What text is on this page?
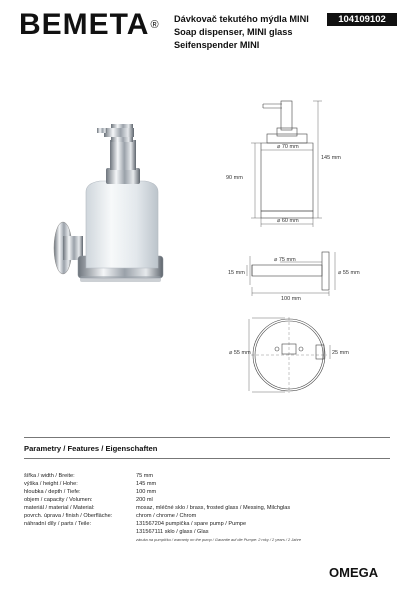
BEMETA® Dávkovač tekutého mýdla MINI
Soap dispenser, MINI glass
Seifenspender MINI
104109102
⌀ 70 mm
145 mm
90 mm
⌀ 60 mm
⌀ 75 mm
⌀ 55 mm
15 mm
100 mm
⌀ 55 mm	25 mm
Parametry / Features / Eigenschaften
šířka / width / Breite:	75 mm
výška / height / Hohe:	145 mm
hloubka / depth / Tiefe:	100 mm
objem / capacity / Volumen:	200 ml
materiál / material / Material:	mosaz, mléčné sklo / brass, frosted glass / Messing, Milchglas
povrch. úprava / finish / Oberfläche:	chrom / chrome / Chrom
náhradní díly / parts / Teile:	131567204 pumpička / spare pump / Pumpe
131567111 sklo / glass / Glas
záruka na pumpičku / warranty on the pump / Garantie auf die Pumpe: 2 roky / 2 years / 2 Jahre
OMEGA
